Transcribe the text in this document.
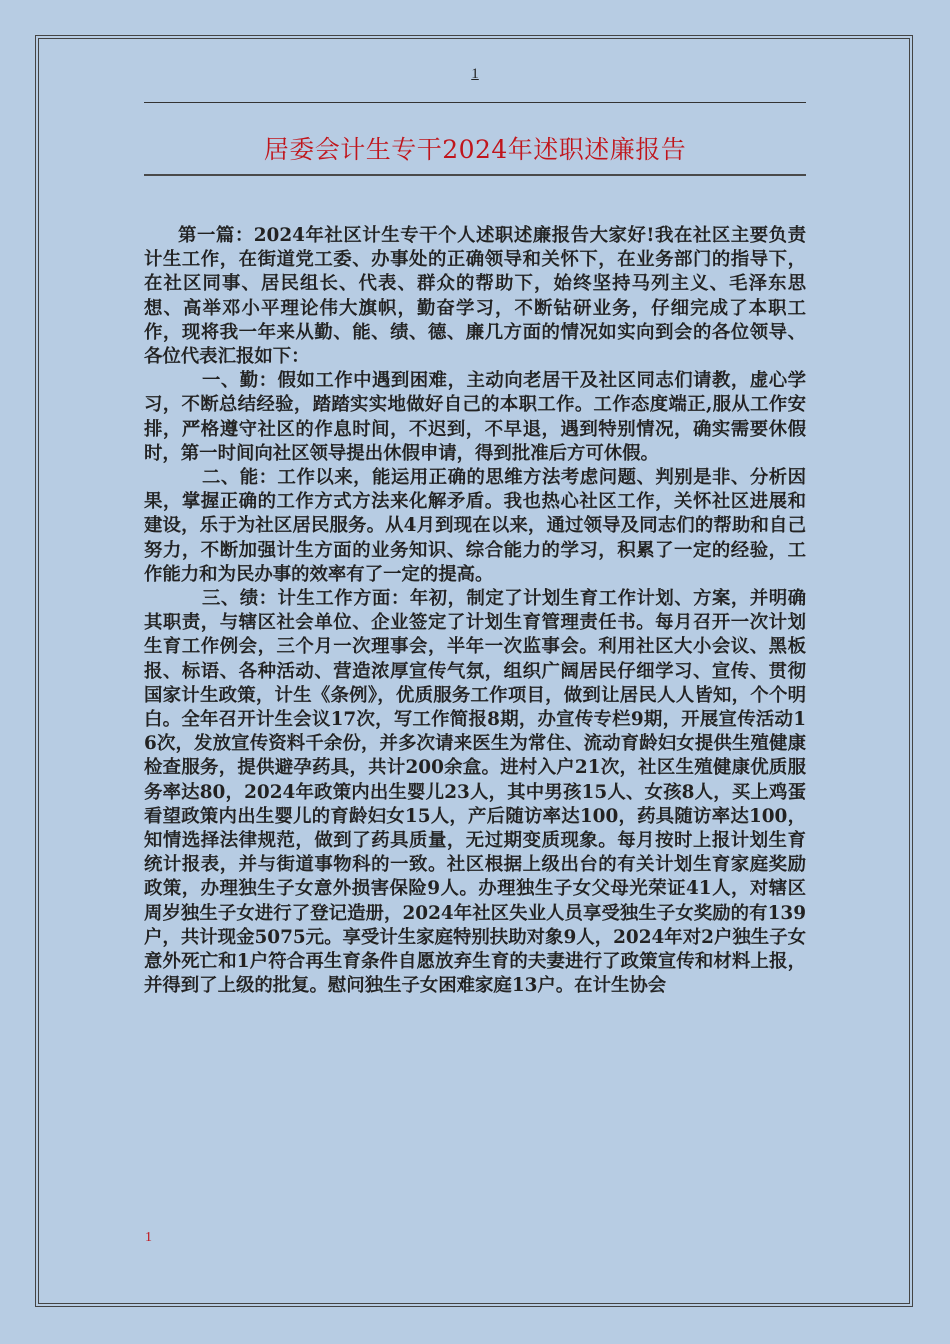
1
居委会计生专干2024年述职述廉报告

第一篇：2024年社区计生专干个人述职述廉报告大家好!我在社区主要负责计生工作，在街道党工委、办事处的正确领导和关怀下，在业务部门的指导下，在社区同事、居民组长、代表、群众的帮助下，始终坚持马列主义、毛泽东思想、高举邓小平理论伟大旗帜，勤奋学习，不断钻研业务，仔细完成了本职工作，现将我一年来从勤、能、绩、德、廉几方面的情况如实向到会的各位领导、各位代表汇报如下：

一、勤：假如工作中遇到困难，主动向老居干及社区同志们请教，虚心学习，不断总结经验，踏踏实实地做好自己的本职工作。工作态度端正,服从工作安排，严格遵守社区的作息时间，不迟到，不早退，遇到特别情况，确实需要休假时，第一时间向社区领导提出休假申请，得到批准后方可休假。

二、能：工作以来，能运用正确的思维方法考虑问题、判别是非、分析因果，掌握正确的工作方式方法来化解矛盾。我也热心社区工作，关怀社区进展和建设，乐于为社区居民服务。从4月到现在以来，通过领导及同志们的帮助和自己努力，不断加强计生方面的业务知识、综合能力的学习，积累了一定的经验，工作能力和为民办事的效率有了一定的提高。

三、绩：计生工作方面：年初，制定了计划生育工作计划、方案，并明确其职责，与辖区社会单位、企业签定了计划生育管理责任书。每月召开一次计划生育工作例会，三个月一次理事会，半年一次监事会。利用社区大小会议、黑板报、标语、各种活动、营造浓厚宣传气氛，组织广阔居民仔细学习、宣传、贯彻国家计生政策，计生《条例》，优质服务工作项目，做到让居民人人皆知，个个明白。全年召开计生会议17次，写工作简报8期，办宣传专栏9期，开展宣传活动16次，发放宣传资料千余份，并多次请来医生为常住、流动育龄妇女提供生殖健康检查服务，提供避孕药具，共计200余盒。进村入户21次，社区生殖健康优质服务率达80，2024年政策内出生婴儿23人，其中男孩15人、女孩8人，买上鸡蛋看望政策内出生婴儿的育龄妇女15人，产后随访率达100，药具随访率达100，知情选择法律规范，做到了药具质量，无过期变质现象。每月按时上报计划生育统计报表，并与街道事物科的一致。社区根据上级出台的有关计划生育家庭奖励政策，办理独生子女意外损害保险9人。办理独生子女父母光荣证41人，对辖区周岁独生子女进行了登记造册，2024年社区失业人员享受独生子女奖励的有139户，共计现金5075元。享受计生家庭特别扶助对象9人，2024年对2户独生子女意外死亡和1户符合再生育条件自愿放弃生育的夫妻进行了政策宣传和材料上报，并得到了上级的批复。慰问独生子女困难家庭13户。在计生协会

1
